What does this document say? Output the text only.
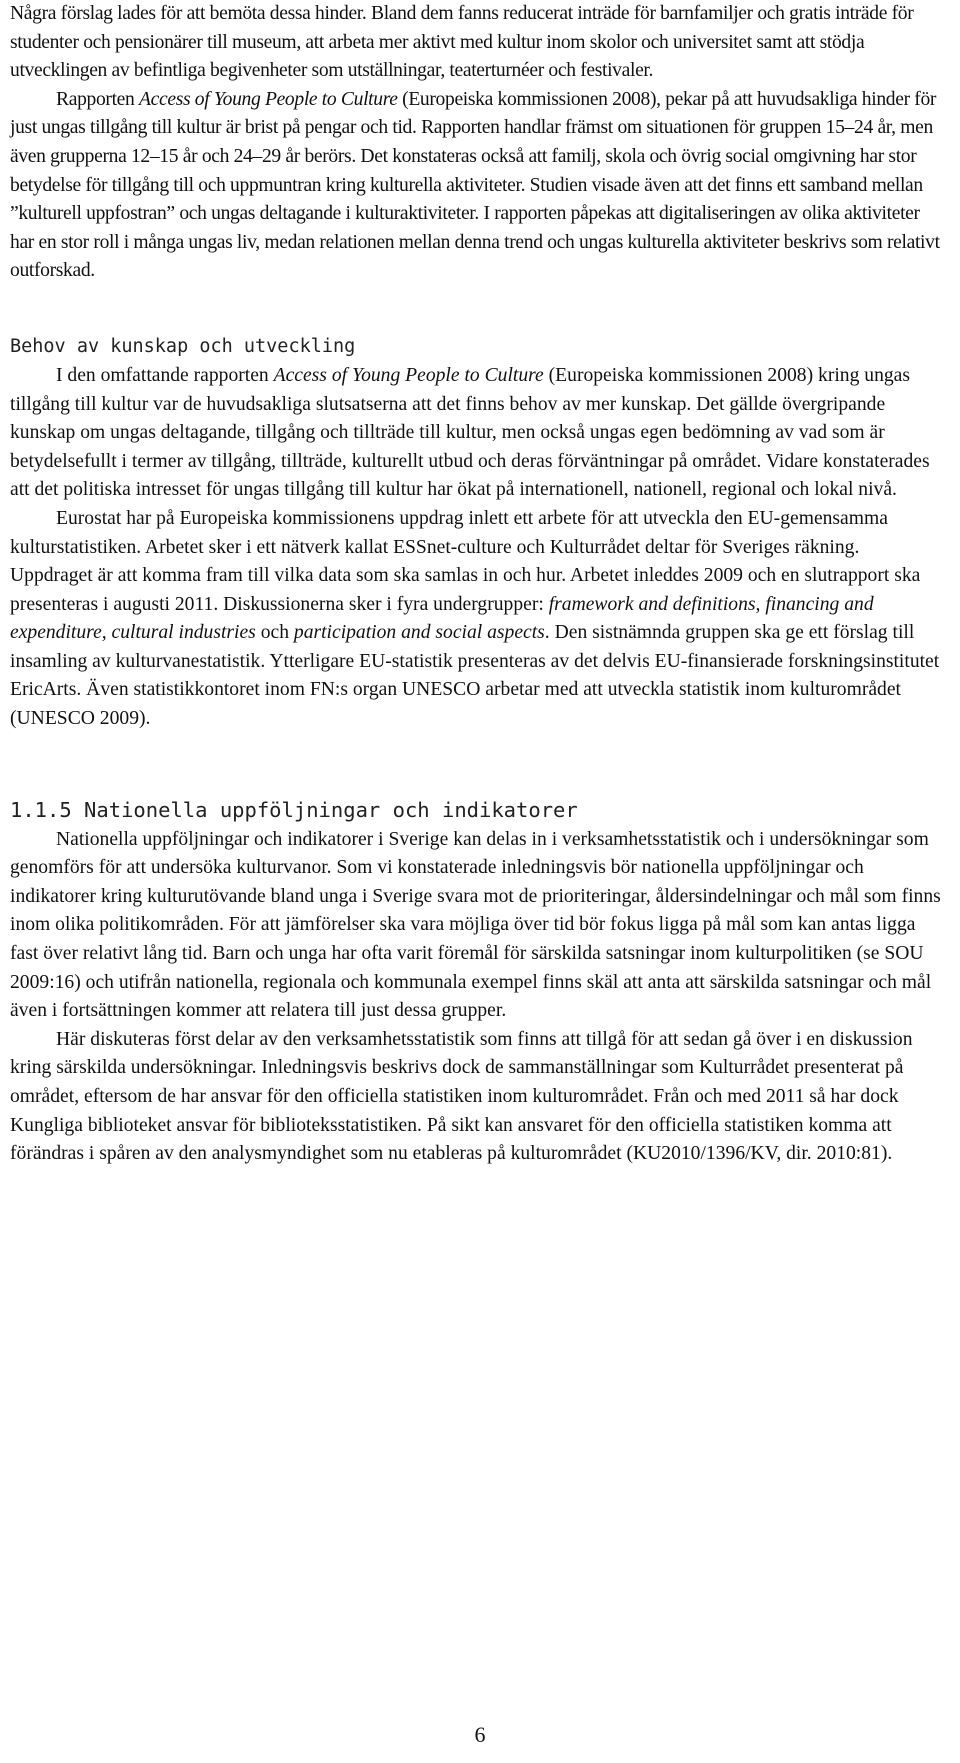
Några förslag lades för att bemöta dessa hinder. Bland dem fanns reducerat inträde för barnfamiljer och gratis inträde för studenter och pensionärer till museum, att arbeta mer aktivt med kultur inom skolor och universitet samt att stödja utvecklingen av befintliga begivenheter som utställningar, teaterturnéer och festivaler.

Rapporten Access of Young People to Culture (Europeiska kommissionen 2008), pekar på att huvudsakliga hinder för just ungas tillgång till kultur är brist på pengar och tid. Rapporten handlar främst om situationen för gruppen 15–24 år, men även grupperna 12–15 år och 24–29 år berörs. Det konstateras också att familj, skola och övrig social omgivning har stor betydelse för tillgång till och uppmuntran kring kulturella aktiviteter. Studien visade även att det finns ett samband mellan ”kulturell uppfostran” och ungas deltagande i kulturaktiviteter. I rapporten påpekas att digitaliseringen av olika aktiviteter har en stor roll i många ungas liv, medan relationen mellan denna trend och ungas kulturella aktiviteter beskrivs som relativt outforskad.

Behov av kunskap och utveckling

I den omfattande rapporten Access of Young People to Culture (Europeiska kommissionen 2008) kring ungas tillgång till kultur var de huvudsakliga slutsatserna att det finns behov av mer kunskap. Det gällde övergripande kunskap om ungas deltagande, tillgång och tillträde till kultur, men också ungas egen bedömning av vad som är betydelsefullt i termer av tillgång, tillträde, kulturellt utbud och deras förväntningar på området. Vidare konstaterades att det politiska intresset för ungas tillgång till kultur har ökat på internationell, nationell, regional och lokal nivå.

Eurostat har på Europeiska kommissionens uppdrag inlett ett arbete för att utveckla den EU-gemensamma kulturstatistiken. Arbetet sker i ett nätverk kallat ESSnet-culture och Kulturrådet deltar för Sveriges räkning. Uppdraget är att komma fram till vilka data som ska samlas in och hur. Arbetet inleddes 2009 och en slutrapport ska presenteras i augusti 2011. Diskussionerna sker i fyra undergrupper: framework and definitions, financing and expenditure, cultural industries och participation and social aspects. Den sistnämnda gruppen ska ge ett förslag till insamling av kulturvanestatistik. Ytterligare EU-statistik presenteras av det delvis EU-finansierade forskningsinstitutet EricArts. Även statistikkontoret inom FN:s organ UNESCO arbetar med att utveckla statistik inom kulturområdet (UNESCO 2009).

1.1.5 Nationella uppföljningar och indikatorer

Nationella uppföljningar och indikatorer i Sverige kan delas in i verksamhetsstatistik och i undersökningar som genomförs för att undersöka kulturvanor. Som vi konstaterade inledningsvis bör nationella uppföljningar och indikatorer kring kulturutövande bland unga i Sverige svara mot de prioriteringar, åldersindelningar och mål som finns inom olika politikområden. För att jämförelser ska vara möjliga över tid bör fokus ligga på mål som kan antas ligga fast över relativt lång tid. Barn och unga har ofta varit föremål för särskilda satsningar inom kulturpolitiken (se SOU 2009:16) och utifrån nationella, regionala och kommunala exempel finns skäl att anta att särskilda satsningar och mål även i fortsättningen kommer att relatera till just dessa grupper.

Här diskuteras först delar av den verksamhetsstatistik som finns att tillgå för att sedan gå över i en diskussion kring särskilda undersökningar. Inledningsvis beskrivs dock de sammanställningar som Kulturrådet presenterat på området, eftersom de har ansvar för den officiella statistiken inom kulturområdet. Från och med 2011 så har dock Kungliga biblioteket ansvar för biblioteksstatistiken. På sikt kan ansvaret för den officiella statistiken komma att förändras i spåren av den analysmyndighet som nu etableras på kulturområdet (KU2010/1396/KV, dir. 2010:81).

6
